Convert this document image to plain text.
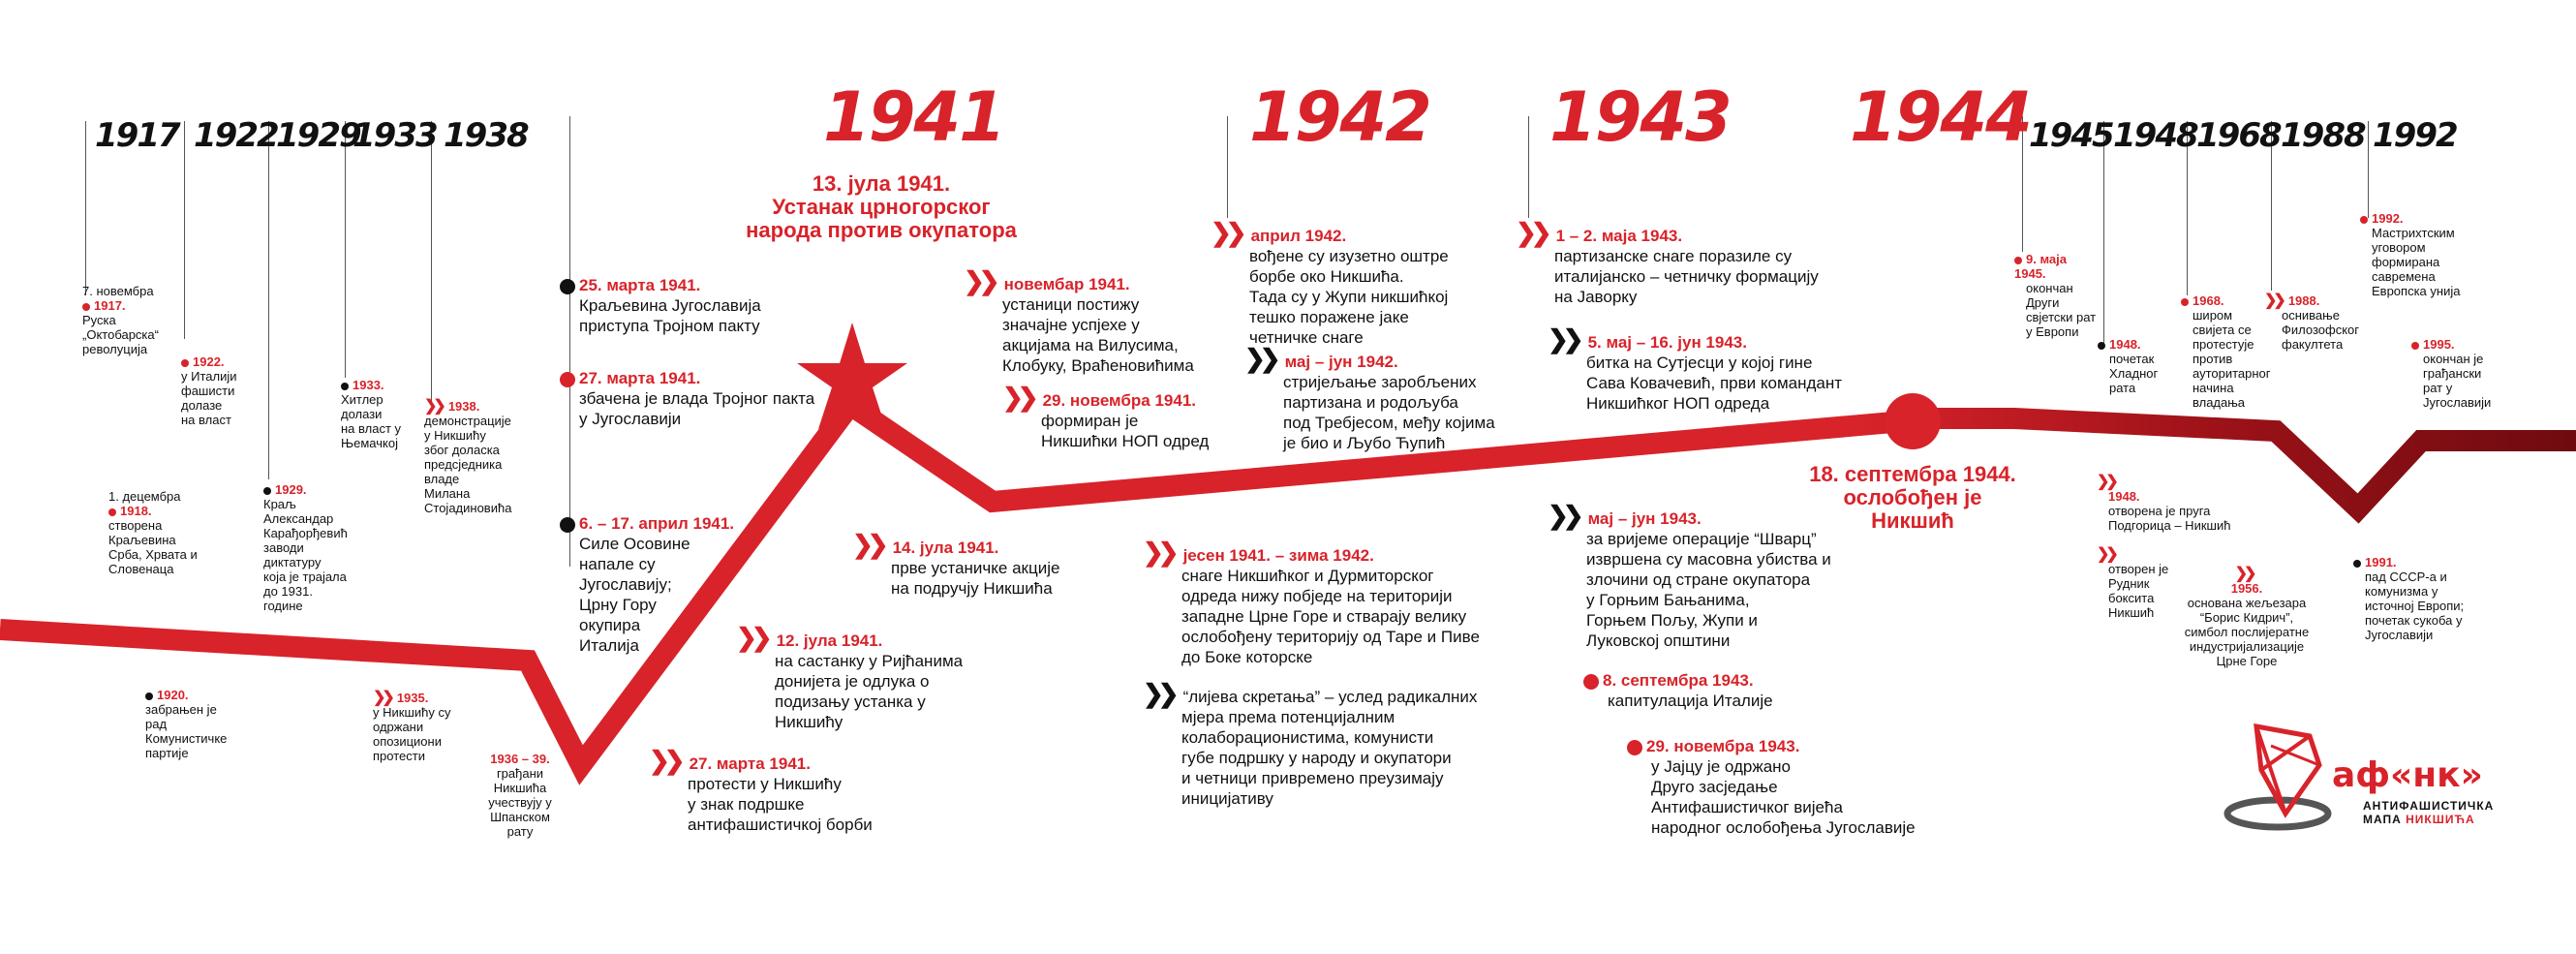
1917 1922
1929
1933 1938	1945 1948 1968 1988 1992
1941	1942 1943 1944
13. јула 1941.
Устанак црногорског
народа против окупатора
18. септембра 1944.
ослобођен је
Никшић
7. новембра
1917.
Руска
„Октобарска“
револуција
1922.
у Италији
фашисти
долазе
на власт
1933.
Хитлер
долази
на власт у
Њемачкој
❯❯ 1938.
демонстрације
у Никшићу
због доласка
предсједника
владе
Милана
Стојадиновића
1. децембра
1918.
створена
Краљевина
Срба, Хрвата и
Словенаца
1929.
Краљ
Александар
Карађорђевић
заводи
диктатуру
која је трајала
до 1931.
године
1920.
забрањен је
рад
Комунистичке
партије
❯❯ 1935.
у Никшићу су
одржани
опозициони
протести	1936 – 39.
грађани
Никшића
учествују у
Шпанском
рату
25. марта 1941.
Краљевина Југославија
приступа Тројном пакту
27. марта 1941.
збачена је влада Тројног пакта
у Југославији
6. – 17. април 1941.
Силе Осовине
напале су
Југославију;
Црну Гору
окупира
Италија
❯❯ новембар 1941.
устаници постижу
значајне успјехе у
акцијама на Вилусима,
Клобуку, Враћеновићима
❯❯ 29. новембра 1941.
формиран је
Никшићки НОП одред
❯❯ 14. јула 1941.
прве устаничке акције
на подручју Никшића
❯❯ 12. јула 1941.
на састанку у Ријћанима
донијета је одлука о
подизању устанка у
Никшићу
❯❯ 27. марта 1941.
протести у Никшићу
у знак подршке
антифашистичкој борби
❯❯ април 1942.
вођене су изузетно оштре
борбе око Никшића.
Тада су у Жупи никшићкој
тешко поражене јаке
четничке снаге
❯❯ мај – јун 1942.
стријељање заробљених
партизана и родољуба
под Требјесом, међу којима
је био и Љубо Ћупић
❯❯ јесен 1941. – зима 1942.
снаге Никшићког и Дурмиторског
одреда нижу побједе на територији
западне Црне Горе и стварају велику
ослобођену територију од Таре и Пиве
до Боке которске
❯❯ “лијева скретања” – услед радикалних
мјера према потенцијалним
колаборационистима, комунисти
губе подршку у народу и окупатори
и четници привремено преузимају
иницијативу
❯❯ 1 – 2. маја 1943.
партизанске снаге поразиле су
италијанско – четничку формацију
на Јаворку
❯❯ 5. мај – 16. јун 1943.
битка на Сутјесци у којој гине
Сава Ковачевић, први командант
Никшићког НОП одреда
❯❯ мај – јун 1943.
за вријеме операције “Шварц”
извршена су масовна убиства и
злочини од стране окупатора
у Горњим Бањанима,
Горњем Пољу, Жупи и
Луковској општини
8. септембра 1943.
капитулација Италије
29. новембра 1943.
у Јајцу је одржано
Друго засједање
Антифашистичког вијећа
народног ослобођења Југославије
9. маја 1945.
окончан
Други
свјетски рат
у Европи
1948.
почетак
Хладног
рата
1968.
широм
свијета се
протестује
против
ауторитарног
начина
владања
❯❯ 1988.
оснивање
Филозофског
факултета
1992.
Мастрихтским
уговором
формирана
савремена
Европска унија
1995.
окончан је
грађански
рат у
Југославији
❯❯
1948.
отворена је пруга
Подгорица – Никшић
❯❯
отворен је
Рудник
боксита
Никшић
❯❯
1956.
основана жељезара
“Борис Кидрич”,
симбол послијератне
индустријализације
Црне Горе
1991.
пад СССР-а и
комунизма у
источној Европи;
почетак сукоба у
Југославији
аф«нк»
АНТИФАШИСТИЧКА
МАПА НИКШИЋА
